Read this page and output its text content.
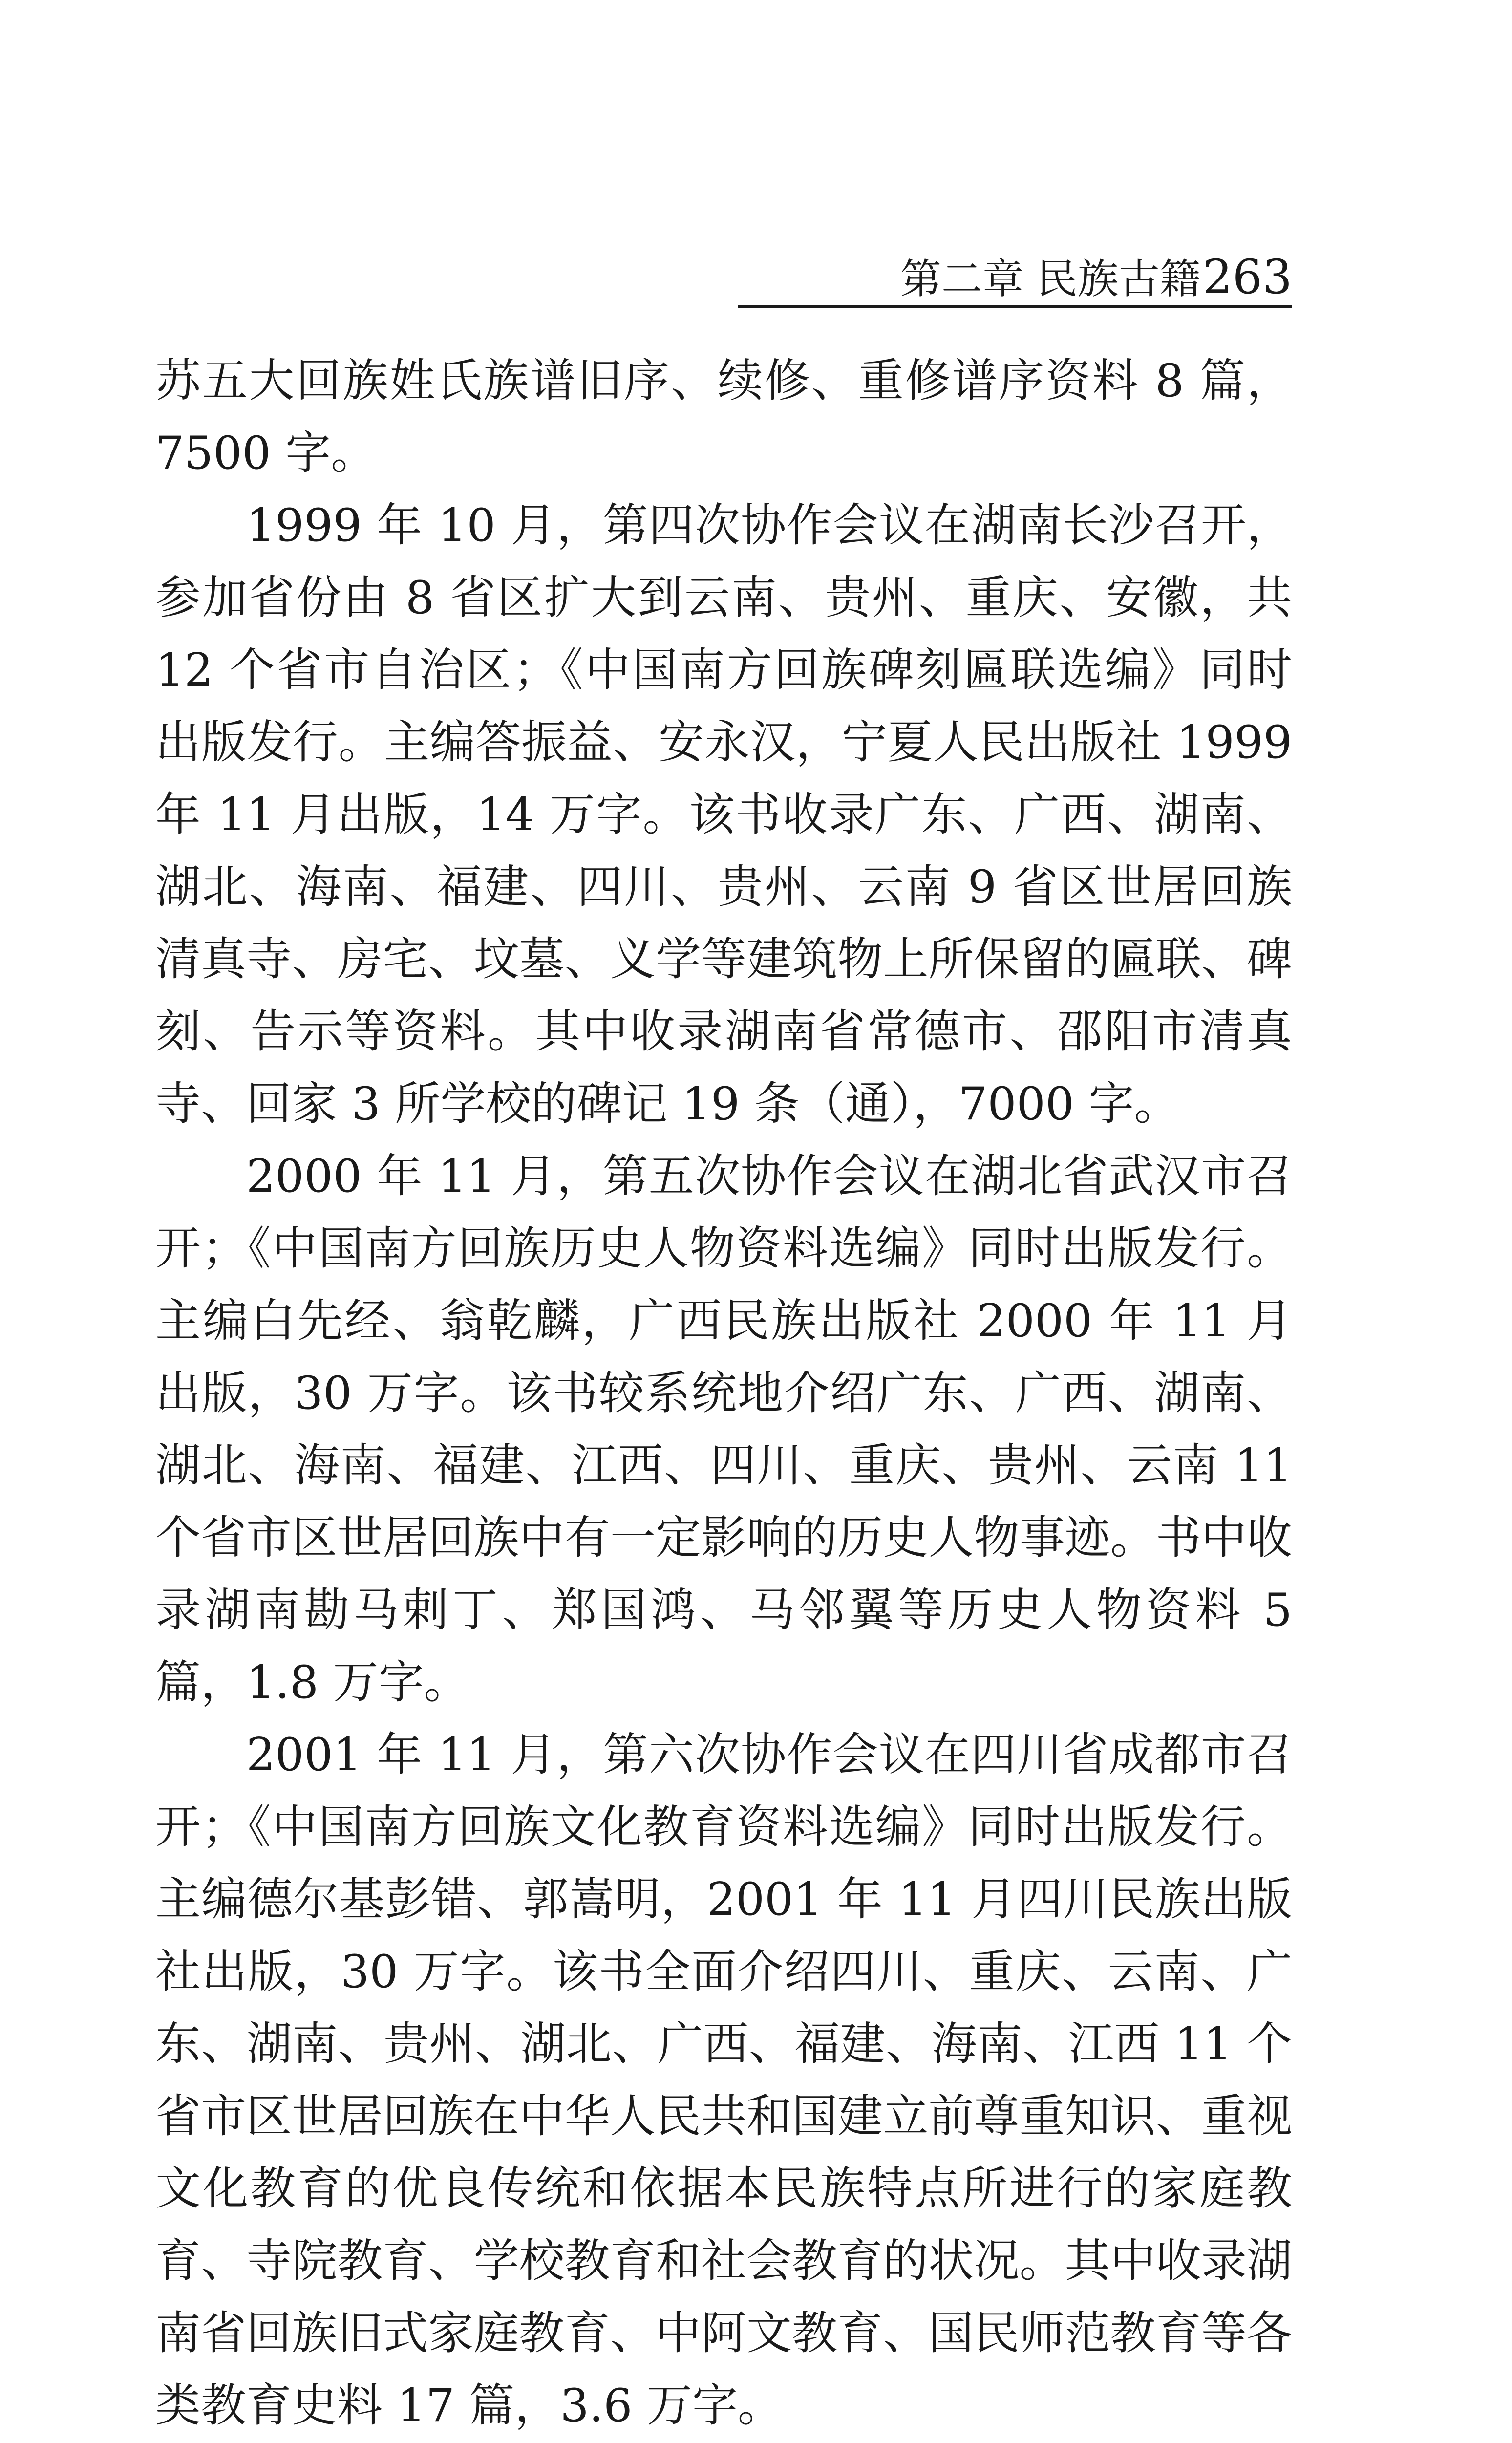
第二章 民族古籍263

苏五大回族姓氏族谱旧序、续修、重修谱序资料 8 篇，7500 字。

1999 年 10 月，第四次协作会议在湖南长沙召开，参加省份由 8 省区扩大到云南、贵州、重庆、安徽，共 12 个省市自治区；《中国南方回族碑刻匾联选编》同时出版发行。主编答振益、安永汉，宁夏人民出版社 1999 年 11 月出版，14 万字。该书收录广东、广西、湖南、湖北、海南、福建、四川、贵州、云南 9 省区世居回族清真寺、房宅、坟墓、义学等建筑物上所保留的匾联、碑刻、告示等资料。其中收录湖南省常德市、邵阳市清真寺、回家 3 所学校的碑记 19 条（通），7000 字。

2000 年 11 月，第五次协作会议在湖北省武汉市召开；《中国南方回族历史人物资料选编》同时出版发行。主编白先经、翁乾麟，广西民族出版社 2000 年 11 月出版，30 万字。该书较系统地介绍广东、广西、湖南、湖北、海南、福建、江西、四川、重庆、贵州、云南 11 个省市区世居回族中有一定影响的历史人物事迹。书中收录湖南勘马剌丁、郑国鸿、马邻翼等历史人物资料 5 篇，1.8 万字。

2001 年 11 月，第六次协作会议在四川省成都市召开；《中国南方回族文化教育资料选编》同时出版发行。主编德尔基彭错、郭嵩明，2001 年 11 月四川民族出版社出版，30 万字。该书全面介绍四川、重庆、云南、广东、湖南、贵州、湖北、广西、福建、海南、江西 11 个省市区世居回族在中华人民共和国建立前尊重知识、重视文化教育的优良传统和依据本民族特点所进行的家庭教育、寺院教育、学校教育和社会教育的状况。其中收录湖南省回族旧式家庭教育、中阿文教育、国民师范教育等各类教育史料 17 篇，3.6 万字。
